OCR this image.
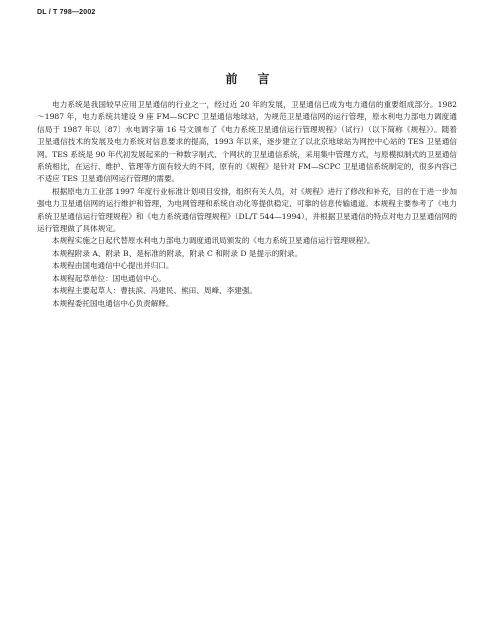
DL / T 798—2002
前言

电力系统是我国较早应用卫星通信的行业之一，经过近 20 年的发展，卫星通信已成为电力通信的重要组成部分。1982～1987 年，电力系统共建设 9 座 FM—SCPC 卫星通信地球站，为规范卫星通信网的运行管理，原水利电力部电力调度通信局于 1987 年以〔87〕水电调字第 16 号文颁布了《电力系统卫星通信运行管理规程》（试行）（以下简称《规程》）。随着卫星通信技术的发展及电力系统对信息要求的提高，1993 年以来，逐步建立了以北京地球站为网控中心站的 TES 卫星通信网。TES 系统是 90 年代初发展起来的一种数字制式、个网状的卫星通信系统，采用集中管理方式，与原模拟制式的卫星通信系统相比，在运行、维护、管理等方面有较大的不同，原有的《规程》是针对 FM—SCPC 卫星通信系统制定的，很多内容已不适应 TES 卫星通信网运行管理的需要。

根据原电力工业部 1997 年度行业标准计划项目安排，组织有关人员，对《规程》进行了修改和补充，目的在于进一步加强电力卫星通信网的运行维护和管理，为电网管理和系统自动化等提供稳定、可靠的信息传输通道。本规程主要参考了《电力系统卫星通信运行管理规程》和《电力系统通信管理规程》（DL/T 544—1994），并根据卫星通信的特点对电力卫星通信网的运行管理做了具体规定。

本规程实施之日起代替原水利电力部电力调度通讯局颁发的《电力系统卫星通信运行管理规程》。

本规程附录 A、附录 B、是标准的附录，附录 C 和附录 D 是提示的附录。

本规程由国电通信中心提出并归口。

本规程起草单位：国电通信中心。

本规程主要起草人：曹扶滨、冯建民、熊田、周峰、李建强。

本规程委托国电通信中心负责解释。
